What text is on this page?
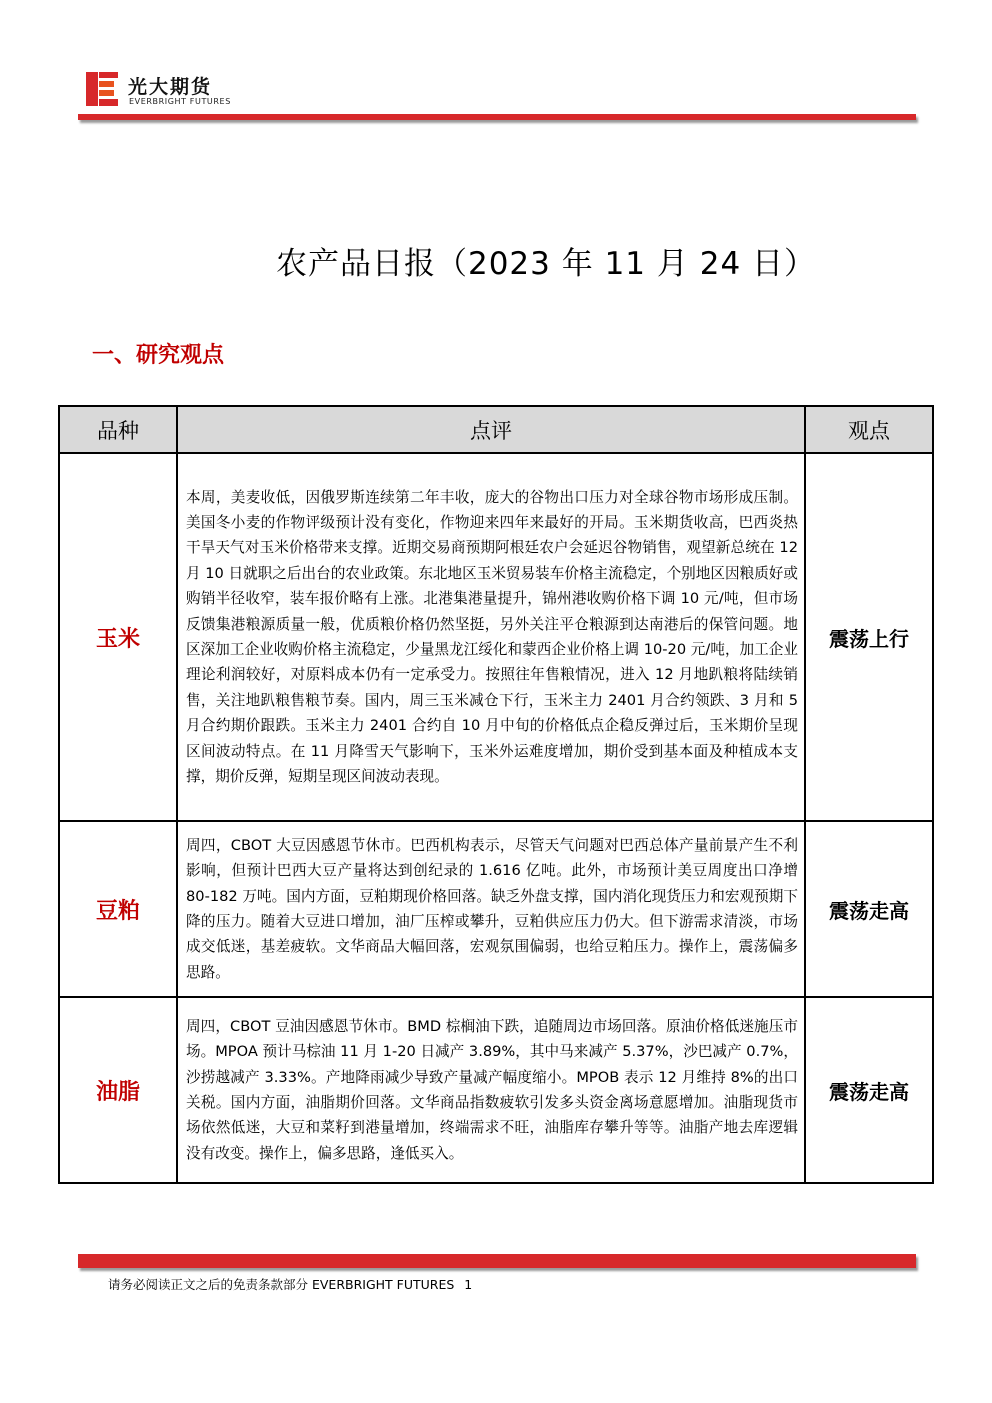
光大期货
EVERBRIGHT FUTURES
农产品日报（2023 年 11 月 24 日）
一、研究观点
品种	点评	观点
玉米	本周，美麦收低，因俄罗斯连续第二年丰收，庞大的谷物出口压力对全球谷物市场形成压制。美国冬小麦的作物评级预计没有变化，作物迎来四年来最好的开局。玉米期货收高，巴西炎热干旱天气对玉米价格带来支撑。近期交易商预期阿根廷农户会延迟谷物销售，观望新总统在 12 月 10 日就职之后出台的农业政策。东北地区玉米贸易装车价格主流稳定，个别地区因粮质好或购销半径收窄，装车报价略有上涨。北港集港量提升，锦州港收购价格下调 10 元/吨，但市场反馈集港粮源质量一般，优质粮价格仍然坚挺，另外关注平仓粮源到达南港后的保管问题。地区深加工企业收购价格主流稳定，少量黑龙江绥化和蒙西企业价格上调 10-20 元/吨，加工企业理论利润较好，对原料成本仍有一定承受力。按照往年售粮情况，进入 12 月地趴粮将陆续销售，关注地趴粮售粮节奏。国内，周三玉米减仓下行，玉米主力 2401 月合约领跌、3 月和 5 月合约期价跟跌。玉米主力 2401 合约自 10 月中旬的价格低点企稳反弹过后，玉米期价呈现区间波动特点。在 11 月降雪天气影响下，玉米外运难度增加，期价受到基本面及种植成本支撑，期价反弹，短期呈现区间波动表现。	震荡上行
豆粕	周四，CBOT 大豆因感恩节休市。巴西机构表示，尽管天气问题对巴西总体产量前景产生不利影响，但预计巴西大豆产量将达到创纪录的 1.616 亿吨。此外，市场预计美豆周度出口净增 80-182 万吨。国内方面，豆粕期现价格回落。缺乏外盘支撑，国内消化现货压力和宏观预期下降的压力。随着大豆进口增加，油厂压榨或攀升，豆粕供应压力仍大。但下游需求清淡，市场成交低迷，基差疲软。文华商品大幅回落，宏观氛围偏弱，也给豆粕压力。操作上，震荡偏多思路。	震荡走高
油脂	周四，CBOT 豆油因感恩节休市。BMD 棕榈油下跌，追随周边市场回落。原油价格低迷施压市场。MPOA 预计马棕油 11 月 1-20 日减产 3.89%，其中马来减产 5.37%，沙巴减产 0.7%，沙捞越减产 3.33%。产地降雨减少导致产量减产幅度缩小。MPOB 表示 12 月维持 8%的出口关税。国内方面，油脂期价回落。文华商品指数疲软引发多头资金离场意愿增加。油脂现货市场依然低迷，大豆和菜籽到港量增加，终端需求不旺，油脂库存攀升等等。油脂产地去库逻辑没有改变。操作上，偏多思路，逢低买入。	震荡走高
请务必阅读正文之后的免责条款部分 EVERBRIGHT FUTURES 1
